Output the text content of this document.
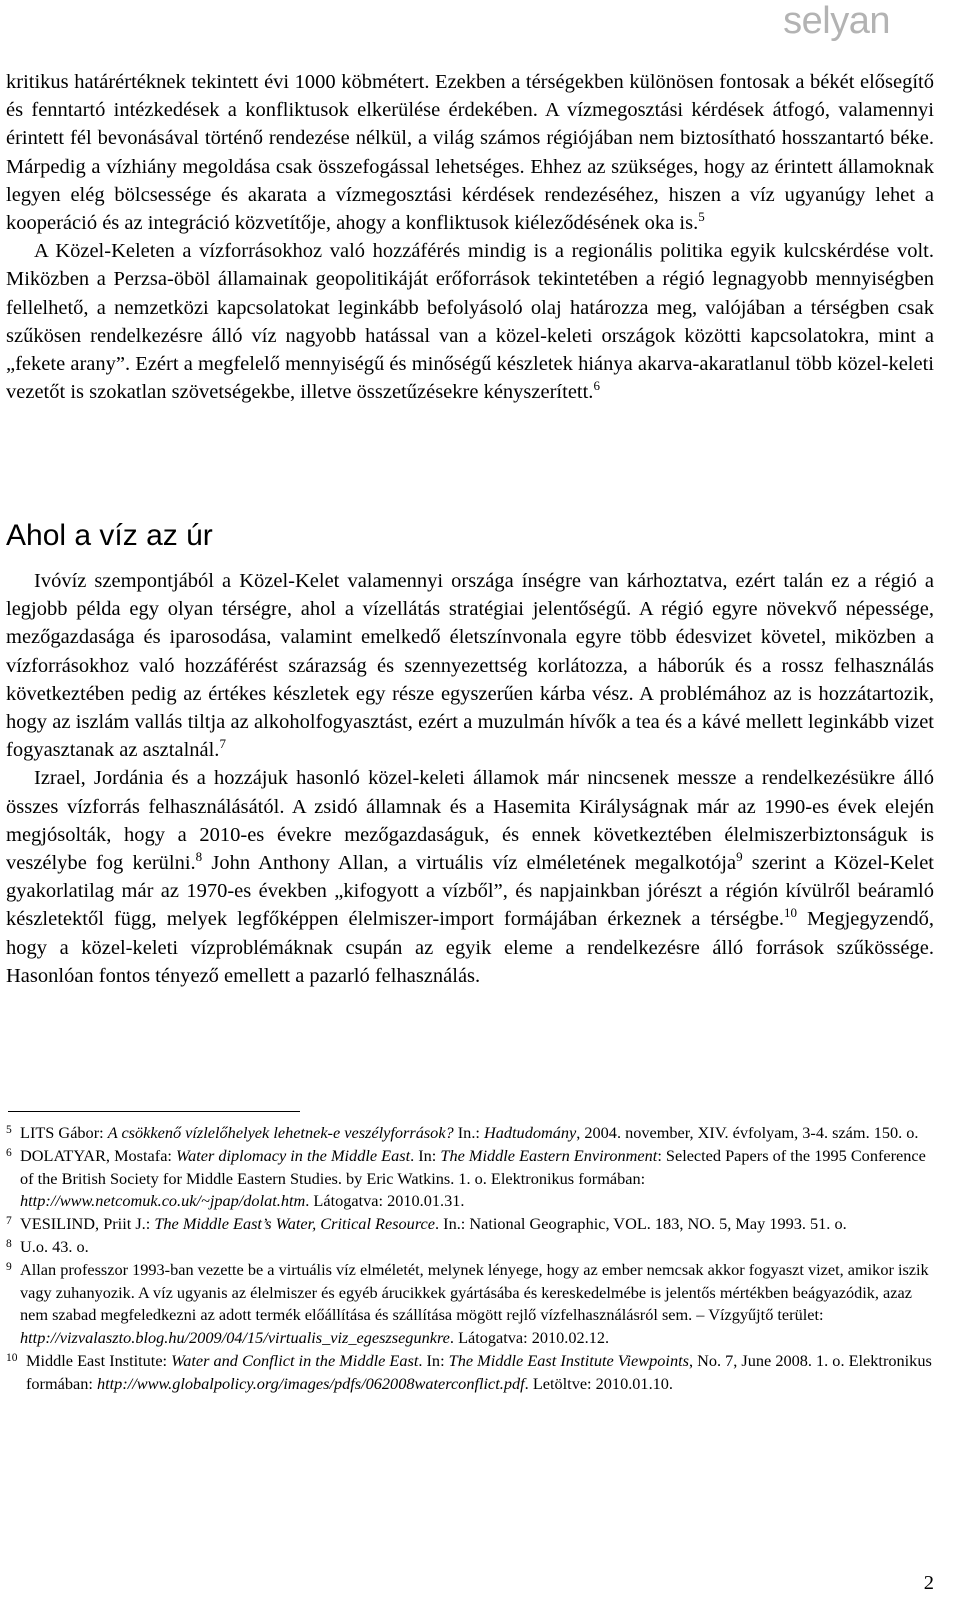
selyan

kritikus határértéknek tekintett évi 1000 köbmétert. Ezekben a térségekben különösen fontosak a békét elősegítő és fenntartó intézkedések a konfliktusok elkerülése érdekében. A vízmegosztási kérdések átfogó, valamennyi érintett fél bevonásával történő rendezése nélkül, a világ számos régiójában nem biztosítható hosszantartó béke. Márpedig a vízhiány megoldása csak összefogással lehetséges. Ehhez az szükséges, hogy az érintett államoknak legyen elég bölcsessége és akarata a vízmegosztási kérdések rendezéséhez, hiszen a víz ugyanúgy lehet a kooperáció és az integráció közvetítője, ahogy a konfliktusok kiéleződésének oka is.$^5$

A Közel-Keleten a vízforrásokhoz való hozzáférés mindig is a regionális politika egyik kulcskérdése volt. Miközben a Perzsa-öböl államainak geopolitikáját erőforrások tekintetében a régió legnagyobb mennyiségben fellelhető, a nemzetközi kapcsolatokat leginkább befolyásoló olaj határozza meg, valójában a térségben csak szűkösen rendelkezésre álló víz nagyobb hatással van a közel-keleti országok közötti kapcsolatokra, mint a „fekete arany”. Ezért a megfelelő mennyiségű és minőségű készletek hiánya akarva-akaratlanul több közel-keleti vezetőt is szokatlan szövetségekbe, illetve összetűzésekre kényszerített.$^6$

Ahol a víz az úr

Ivóvíz szempontjából a Közel-Kelet valamennyi országa ínségre van kárhoztatva, ezért talán ez a régió a legjobb példa egy olyan térségre, ahol a vízellátás stratégiai jelentőségű. A régió egyre növekvő népessége, mezőgazdasága és iparosodása, valamint emelkedő életszínvonala egyre több édesvizet követel, miközben a vízforrásokhoz való hozzáférést szárazság és szennyezettség korlátozza, a háborúk és a rossz felhasználás következtében pedig az értékes készletek egy része egyszerűen kárba vész. A problémához az is hozzátartozik, hogy az iszlám vallás tiltja az alkoholfogyasztást, ezért a muzulmán hívők a tea és a kávé mellett leginkább vizet fogyasztanak az asztalnál.$^7$

Izrael, Jordánia és a hozzájuk hasonló közel-keleti államok már nincsenek messze a rendelkezésükre álló összes vízforrás felhasználásától. A zsidó államnak és a Hasemita Királyságnak már az 1990-es évek elején megjósolták, hogy a 2010-es évekre mezőgazdaságuk, és ennek következtében élelmiszerbiztonságuk is veszélybe fog kerülni.$^8$ John Anthony Allan, a virtuális víz elméletének megalkotója$^9$ szerint a Közel-Kelet gyakorlatilag már az 1970-es években „kifogyott a vízből”, és napjainkban jórészt a régión kívülről beáramló készletektől függ, melyek legfőképpen élelmiszer-import formájában érkeznek a térségbe.$^{10}$ Megjegyzendő, hogy a közel-keleti vízproblémáknak csupán az egyik eleme a rendelkezésre álló források szűkössége. Hasonlóan fontos tényező emellett a pazarló felhasználás.

5 LITS Gábor: A csökkenő vízlelőhelyek lehetnek-e veszélyforrások? In.: Hadtudomány, 2004. november, XIV. évfolyam, 3-4. szám. 150. o.

6 DOLATYAR, Mostafa: Water diplomacy in the Middle East. In: The Middle Eastern Environment: Selected Papers of the 1995 Conference of the British Society for Middle Eastern Studies. by Eric Watkins. 1. o. Elektronikus formában: http://www.netcomuk.co.uk/~jpap/dolat.htm. Látogatva: 2010.01.31.

7 VESILIND, Priit J.: The Middle East’s Water, Critical Resource. In.: National Geographic, VOL. 183, NO. 5, May 1993. 51. o.

8 U.o. 43. o.

9 Allan professzor 1993-ban vezette be a virtuális víz elméletét, melynek lényege, hogy az ember nemcsak akkor fogyaszt vizet, amikor iszik vagy zuhanyozik. A víz ugyanis az élelmiszer és egyéb árucikkek gyártásába és kereskedelmébe is jelentős mértékben beágyazódik, azaz nem szabad megfeledkezni az adott termék előállítása és szállítása mögött rejlő vízfelhasználásról sem. – Vízgyűjtő terület: http://vizvalaszto.blog.hu/2009/04/15/virtualis_viz_egeszsegunkre. Látogatva: 2010.02.12.

10 Middle East Institute: Water and Conflict in the Middle East. In: The Middle East Institute Viewpoints, No. 7, June 2008. 1. o. Elektronikus formában: http://www.globalpolicy.org/images/pdfs/062008waterconflict.pdf. Letöltve: 2010.01.10.

2
